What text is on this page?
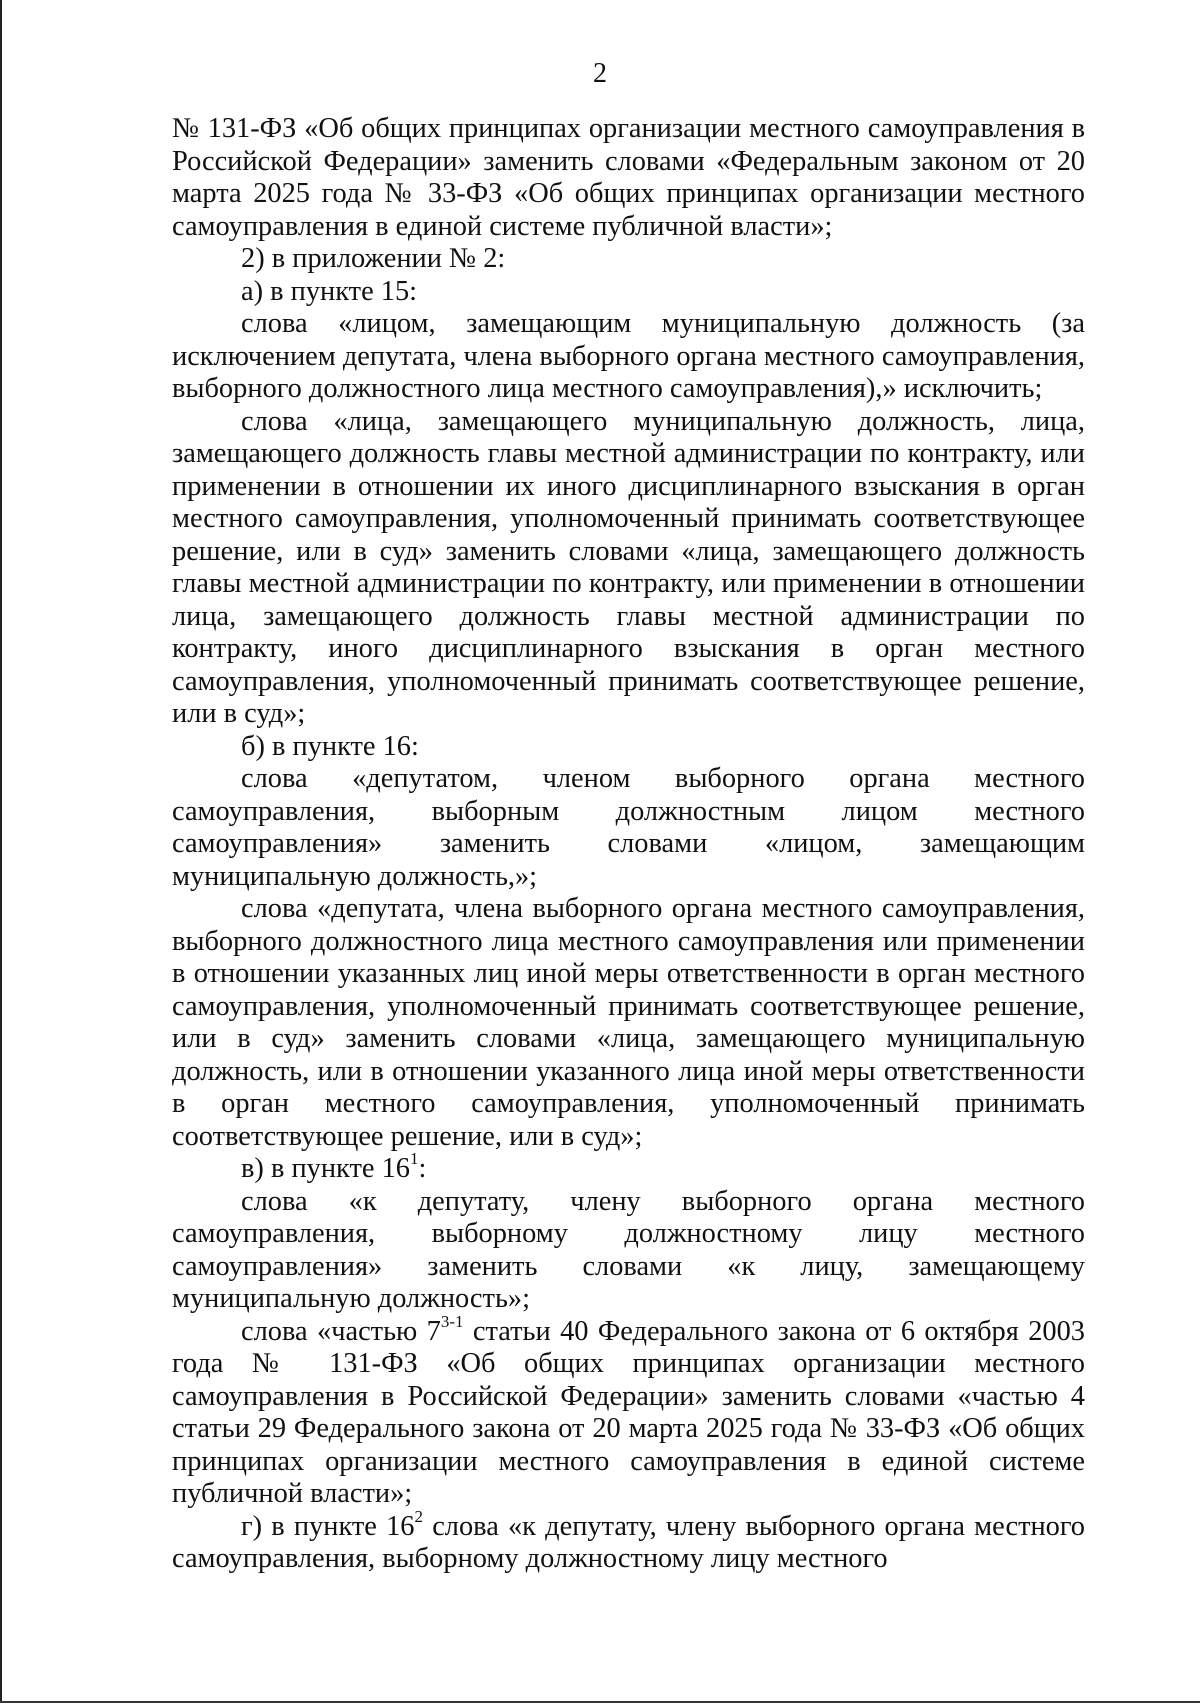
2

№ 131-ФЗ «Об общих принципах организации местного самоуправления в Российской Федерации» заменить словами «Федеральным законом от 20 марта 2025 года № 33-ФЗ «Об общих принципах организации местного самоуправления в единой системе публичной власти»;

2) в приложении № 2:

а) в пункте 15:

слова «лицом, замещающим муниципальную должность (за исключением депутата, члена выборного органа местного самоуправления, выборного должностного лица местного самоуправления),» исключить;

слова «лица, замещающего муниципальную должность, лица, замещающего должность главы местной администрации по контракту, или применении в отношении их иного дисциплинарного взыскания в орган местного самоуправления, уполномоченный принимать соответствующее решение, или в суд» заменить словами «лица, замещающего должность главы местной администрации по контракту, или применении в отношении лица, замещающего должность главы местной администрации по контракту, иного дисциплинарного взыскания в орган местного самоуправления, уполномоченный принимать соответствующее решение, или в суд»;

б) в пункте 16:

слова «депутатом, членом выборного органа местного самоуправления, выборным должностным лицом местного самоуправления» заменить словами «лицом, замещающим муниципальную должность,»;

слова «депутата, члена выборного органа местного самоуправления, выборного должностного лица местного самоуправления или применении в отношении указанных лиц иной меры ответственности в орган местного самоуправления, уполномоченный принимать соответствующее решение, или в суд» заменить словами «лица, замещающего муниципальную должность, или в отношении указанного лица иной меры ответственности в орган местного самоуправления, уполномоченный принимать соответствующее решение, или в суд»;

в) в пункте $16^1$:

слова «к депутату, члену выборного органа местного самоуправления, выборному должностному лицу местного самоуправления» заменить словами «к лицу, замещающему муниципальную должность»;

слова «частью 7$^{3-1}$ статьи 40 Федерального закона от 6 октября 2003 года № 131-ФЗ «Об общих принципах организации местного самоуправления в Российской Федерации» заменить словами «частью 4 статьи 29 Федерального закона от 20 марта 2025 года № 33-ФЗ «Об общих принципах организации местного самоуправления в единой системе публичной власти»;

г) в пункте $16^2$ слова «к депутату, члену выборного органа местного самоуправления, выборному должностному лицу местного
